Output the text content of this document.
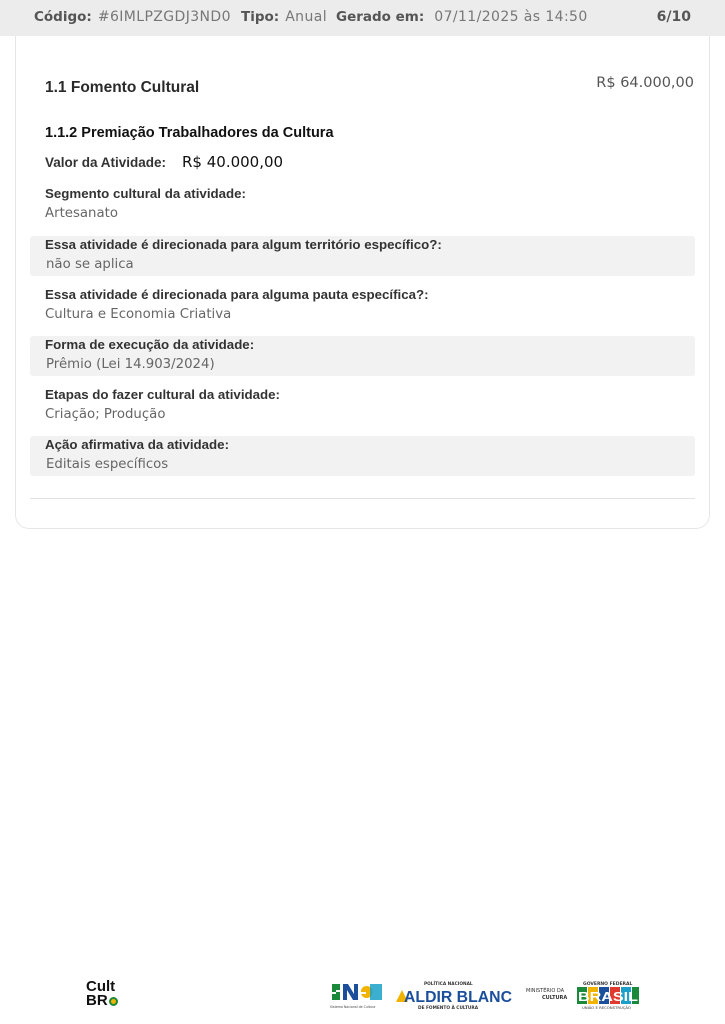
Código: #6IMLPZGDJ3ND0 Tipo: Anual Gerado em: 07/11/2025 às 14:50	6/10
1.1 Fomento Cultural	R$ 64.000,00
1.1.2 Premiação Trabalhadores da Cultura
Valor da Atividade: R$ 40.000,00
Segmento cultural da atividade:
Artesanato
Essa atividade é direcionada para algum território específico?:
não se aplica
Essa atividade é direcionada para alguma pauta específica?:
Cultura e Economia Criativa
Forma de execução da atividade:
Prêmio (Lei 14.903/2024)
Etapas do fazer cultural da atividade:
Criação; Produção
Ação afirmativa da atividade:
Editais específicos
Cult
BR	Sistema Nacional de Cultura
POLÍTICA NACIONAL
ALDIR BLANC
DE FOMENTO À CULTURA
MINISTÉRIO DA
CULTURA
GOVERNO FEDERAL
BRASIL
UNIÃO E RECONSTRUÇÃO
